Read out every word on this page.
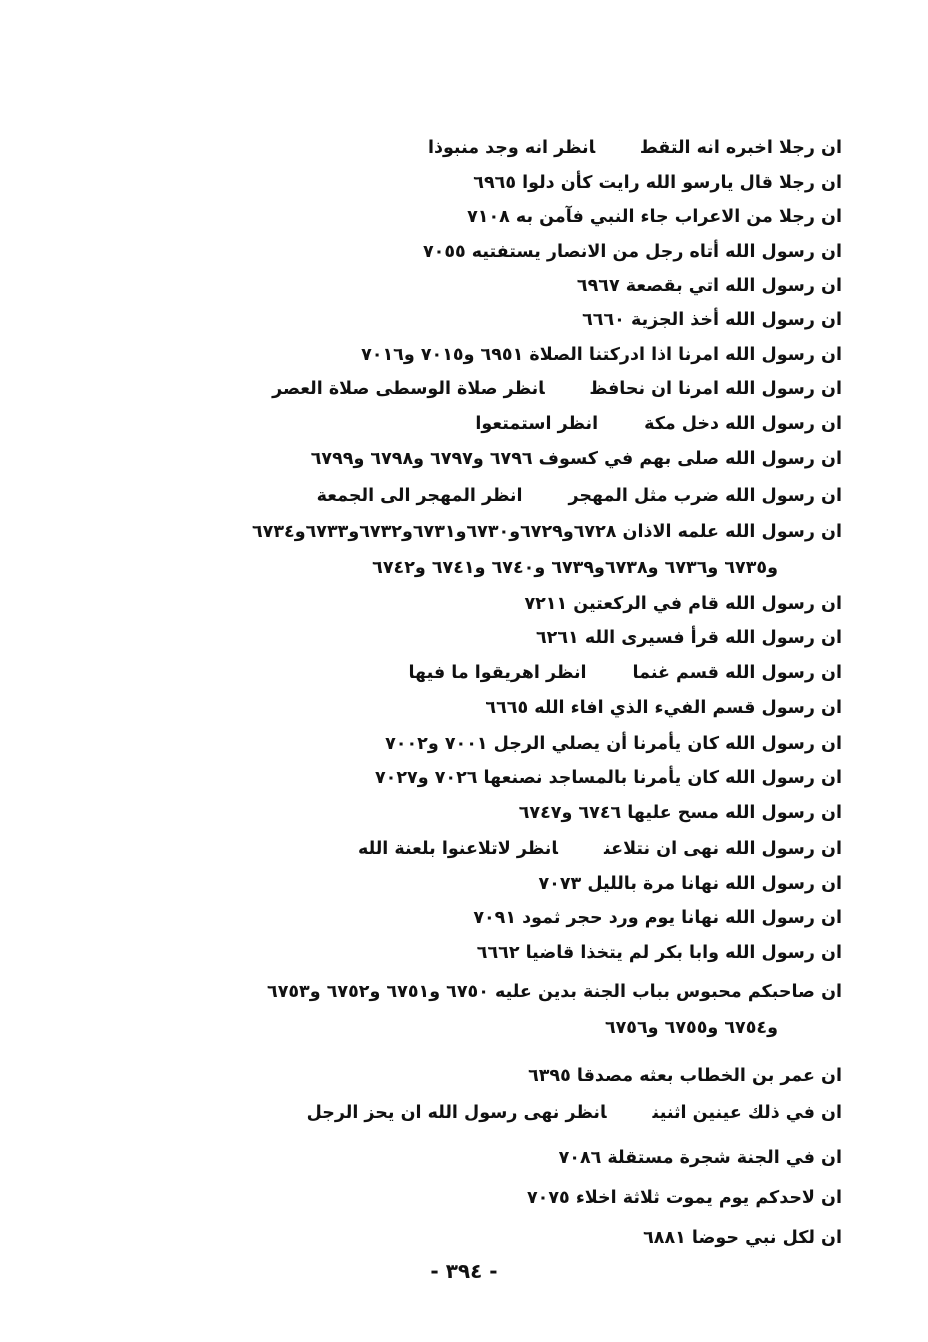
ان رجلا اخبره انه التقطانظر انه وجد منبوذا
ان رجلا قال يارسو الله رايت كأن دلوا ٦٩٦٥
ان رجلا من الاعراب جاء النبي فآمن به ٧١٠٨
ان رسول الله أتاه رجل من الانصار يستفتيه ٧٠٥٥
ان رسول الله اتي بقصعة ٦٩٦٧
ان رسول الله أخذ الجزية ٦٦٦٠
ان رسول الله امرنا اذا ادركتنا الصلاة ٦٩٥١ و٧٠١٥ و٧٠١٦
ان رسول الله امرنا ان نحافظانظر صلاة الوسطى صلاة العصر
ان رسول الله دخل مكةانظر استمتعوا
ان رسول الله صلى بهم في كسوف ٦٧٩٦ و٦٧٩٧ و٦٧٩٨ و٦٧٩٩
ان رسول الله ضرب مثل المهجرانظر المهجر الى الجمعة
ان رسول الله علمه الاذان ٦٧٢٨و٦٧٢٩و٦٧٣٠و٦٧٣١و٦٧٣٢و٦٧٣٣و٦٧٣٤
و٦٧٣٥ و٦٧٣٦ و٦٧٣٨و٦٧٣٩ و٦٧٤٠ و٦٧٤١ و٦٧٤٢
ان رسول الله قام في الركعتين ٧٢١١
ان رسول الله قرأ فسيرى الله ٦٢٦١
ان رسول الله قسم غنماانظر اهريقوا ما فيها
ان رسول قسم الفيء الذي افاء الله ٦٦٦٥
ان رسول الله كان يأمرنا أن يصلي الرجل ٧٠٠١ و٧٠٠٢
ان رسول الله كان يأمرنا بالمساجد نصنعها ٧٠٢٦ و٧٠٢٧
ان رسول الله مسح عليها ٦٧٤٦ و٦٧٤٧
ان رسول الله نهى ان نتلاعنانظر لاتلاعنوا بلعنة الله
ان رسول الله نهانا مرة بالليل ٧٠٧٣
ان رسول الله نهانا يوم ورد حجر ثمود ٧٠٩١
ان رسول الله وابا بكر لم يتخذا قاضيا ٦٦٦٢
ان صاحبكم محبوس بباب الجنة بدين عليه ٦٧٥٠ و٦٧٥١ و٦٧٥٢ و٦٧٥٣
و٦٧٥٤ و٦٧٥٥ و٦٧٥٦
ان عمر بن الخطاب بعثه مصدقا ٦٣٩٥
ان في ذلك عينين اثنينانظر نهى رسول الله ان يحز الرجل
ان في الجنة شجرة مستقلة ٧٠٨٦
ان لاحدكم يوم يموت ثلاثة اخلاء ٧٠٧٥
ان لكل نبي حوضا ٦٨٨١
- ٣٩٤ -
